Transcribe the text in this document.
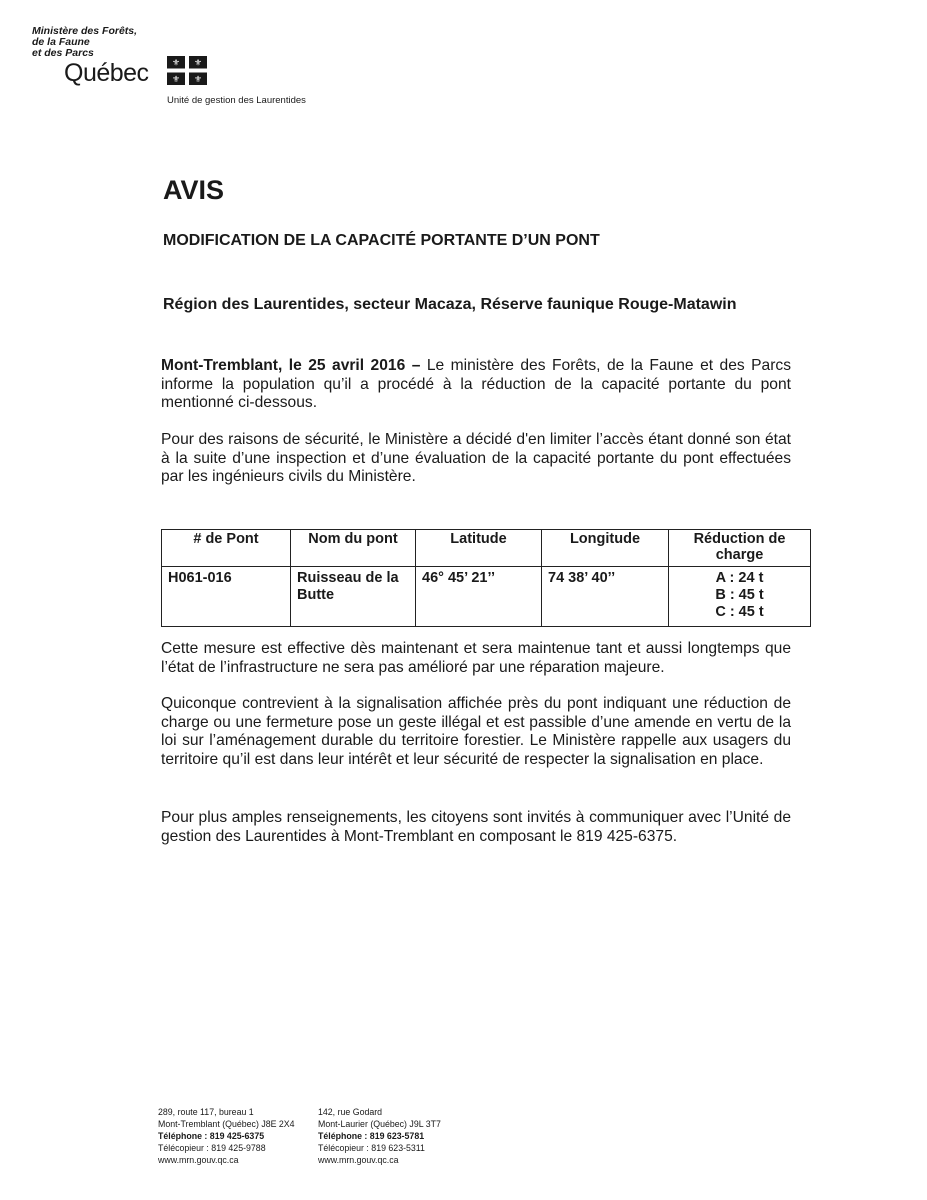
Ministère des Forêts,
de la Faune
et des Parcs
Québec	⚜ ⚜
⚜ ⚜
Unité de gestion des Laurentides
AVIS
MODIFICATION DE LA CAPACITÉ PORTANTE D’UN PONT
Région des Laurentides, secteur Macaza, Réserve faunique Rouge-Matawin
Mont-Tremblant, le 25 avril 2016 – Le ministère des Forêts, de la Faune et des Parcs informe la population qu’il a procédé à la réduction de la capacité portante du pont mentionné ci-dessous.
Pour des raisons de sécurité, le Ministère a décidé d'en limiter l’accès étant donné son état à la suite d’une inspection et d’une évaluation de la capacité portante du pont effectuées par les ingénieurs civils du Ministère.
# de Pont	Nom du pont	Latitude	Longitude	Réduction de charge
H061-016	Ruisseau de la Butte	46° 45’ 21’’	74 38’ 40’’	A : 24 t
B : 45 t
C : 45 t
Cette mesure est effective dès maintenant et sera maintenue tant et aussi longtemps que l’état de l’infrastructure ne sera pas amélioré par une réparation majeure.
Quiconque contrevient à la signalisation affichée près du pont indiquant une réduction de charge ou une fermeture pose un geste illégal et est passible d’une amende en vertu de la loi sur l’aménagement durable du territoire forestier. Le Ministère rappelle aux usagers du territoire qu’il est dans leur intérêt et leur sécurité de respecter la signalisation en place.
Pour plus amples renseignements, les citoyens sont invités à communiquer avec l’Unité de gestion des Laurentides à Mont-Tremblant en composant le 819 425-6375.
289, route 117, bureau 1
Mont-Tremblant (Québec) J8E 2X4
Téléphone : 819 425-6375
Télécopieur : 819 425-9788
www.mrn.gouv.qc.ca
142, rue Godard
Mont-Laurier (Québec) J9L 3T7
Téléphone : 819 623-5781
Télécopieur : 819 623-5311
www.mrn.gouv.qc.ca
